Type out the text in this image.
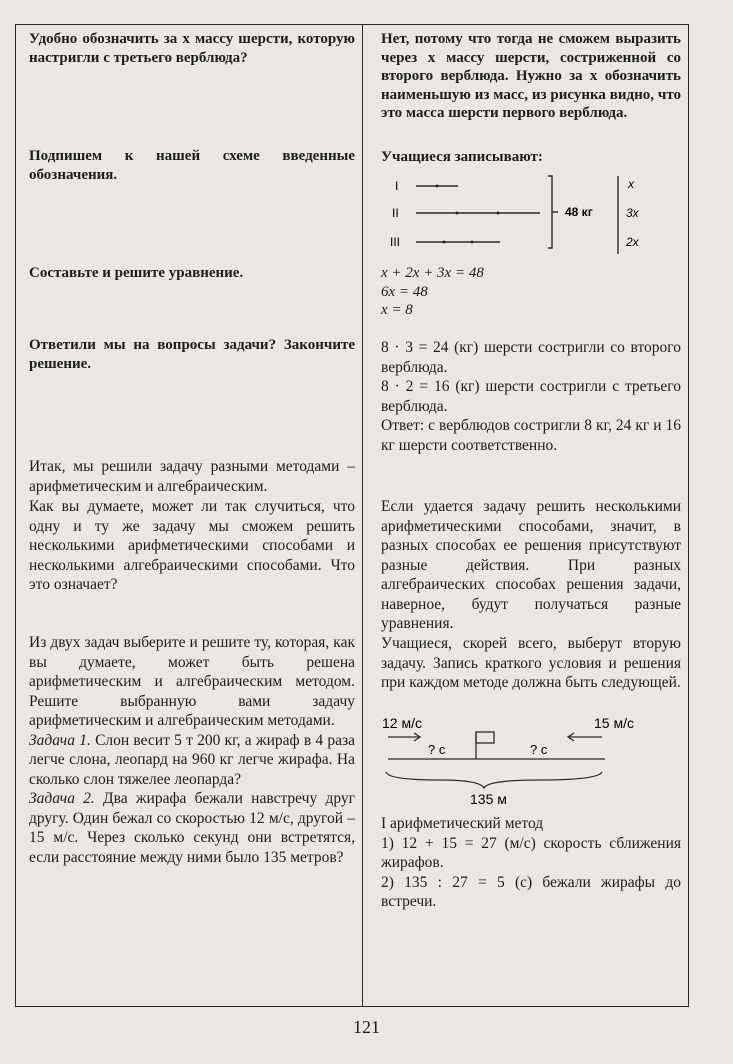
Удобно обозначить за x массу шерсти, которую настригли с третьего верблюда?
Подпишем к нашей схеме введенные обозначения.
Составьте и решите уравнение.
Ответили мы на вопросы задачи? Закончите решение.
Итак, мы решили задачу разными методами – арифметическим и алгебраическим.
Как вы думаете, может ли так случиться, что одну и ту же задачу мы сможем решить несколькими арифметическими способами и несколькими алгебраическими способами. Что это означает?
Из двух задач выберите и решите ту, которая, как вы думаете, может быть решена арифметическим и алгебраическим методом. Решите выбранную вами задачу арифметическим и алгебраическим методами.
Задача 1. Слон весит 5 т 200 кг, а жираф в 4 раза легче слона, леопард на 960 кг легче жирафа. На сколько слон тяжелее леопарда?
Задача 2. Два жирафа бежали навстречу друг другу. Один бежал со скоростью 12 м/с, другой – 15 м/с. Через сколько секунд они встретятся, если расстояние между ними было 135 метров?
Нет, потому что тогда не сможем выразить через x массу шерсти, состриженной со второго верблюда. Нужно за x обозначить наименьшую из масс, из рисунка видно, что это масса шерсти первого верблюда.
Учащиеся записывают:
I
II
III
48 кг
x
3x
2x
x + 2x + 3x = 48
6x = 48
x = 8
8 · 3 = 24 (кг) шерсти состригли со второго верблюда.
8 · 2 = 16 (кг) шерсти состригли с третьего верблюда.
Ответ: с верблюдов состригли 8 кг, 24 кг и 16 кг шерсти соответственно.
Если удается задачу решить несколькими арифметическими способами, значит, в разных способах ее решения присутствуют разные действия. При разных алгебраических способах решения задачи, наверное, будут получаться разные уравнения.
Учащиеся, скорей всего, выберут вторую задачу. Запись краткого условия и решения при каждом методе должна быть следующей.
12 м/с	15 м/с
? с	? с
135 м
I арифметический метод
1) 12 + 15 = 27 (м/с) скорость сближения жирафов.
2) 135 : 27 = 5 (с) бежали жирафы до встречи.
121
